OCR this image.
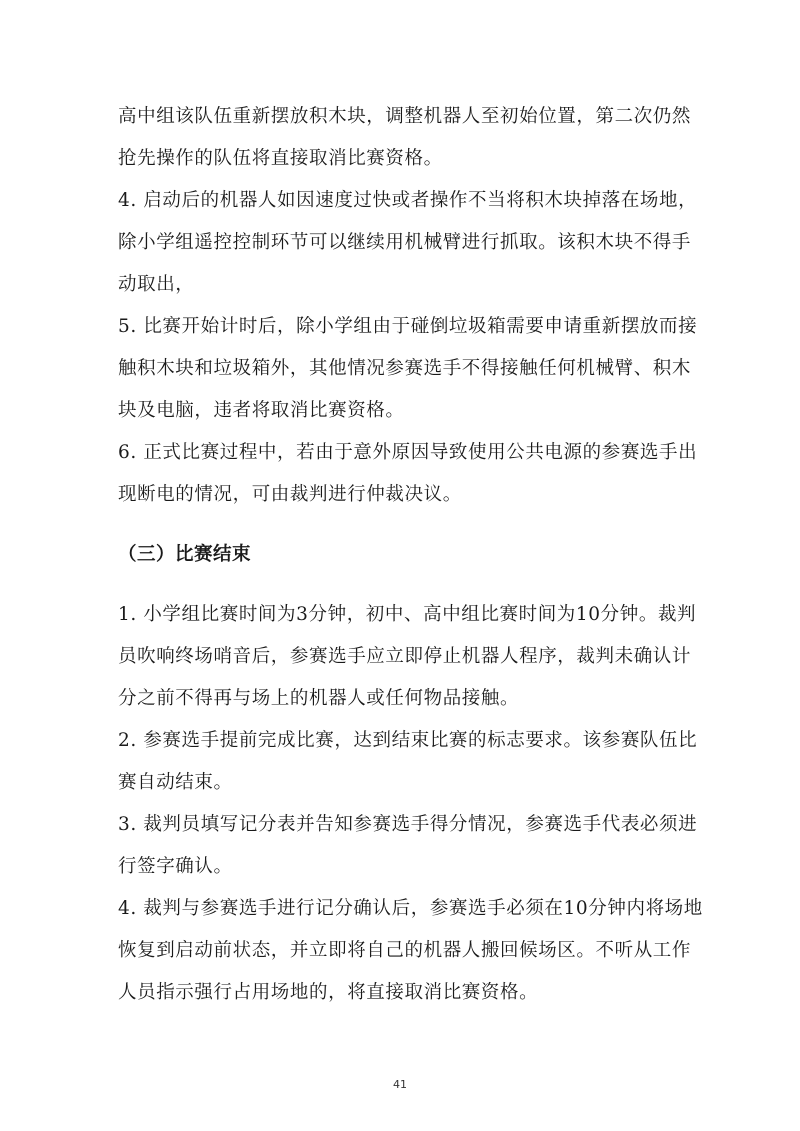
高中组该队伍重新摆放积木块，调整机器人至初始位置，第二次仍然
抢先操作的队伍将直接取消比赛资格。
4. 启动后的机器人如因速度过快或者操作不当将积木块掉落在场地，
除小学组遥控控制环节可以继续用机械臂进行抓取。该积木块不得手
动取出，
5. 比赛开始计时后，除小学组由于碰倒垃圾箱需要申请重新摆放而接
触积木块和垃圾箱外，其他情况参赛选手不得接触任何机械臂、积木
块及电脑，违者将取消比赛资格。
6. 正式比赛过程中，若由于意外原因导致使用公共电源的参赛选手出
现断电的情况，可由裁判进行仲裁决议。
（三）比赛结束
1. 小学组比赛时间为3分钟，初中、高中组比赛时间为10分钟。裁判
员吹响终场哨音后，参赛选手应立即停止机器人程序，裁判未确认计
分之前不得再与场上的机器人或任何物品接触。
2. 参赛选手提前完成比赛，达到结束比赛的标志要求。该参赛队伍比
赛自动结束。
3. 裁判员填写记分表并告知参赛选手得分情况，参赛选手代表必须进
行签字确认。
4. 裁判与参赛选手进行记分确认后，参赛选手必须在10分钟内将场地
恢复到启动前状态，并立即将自己的机器人搬回候场区。不听从工作
人员指示强行占用场地的，将直接取消比赛资格。
41
